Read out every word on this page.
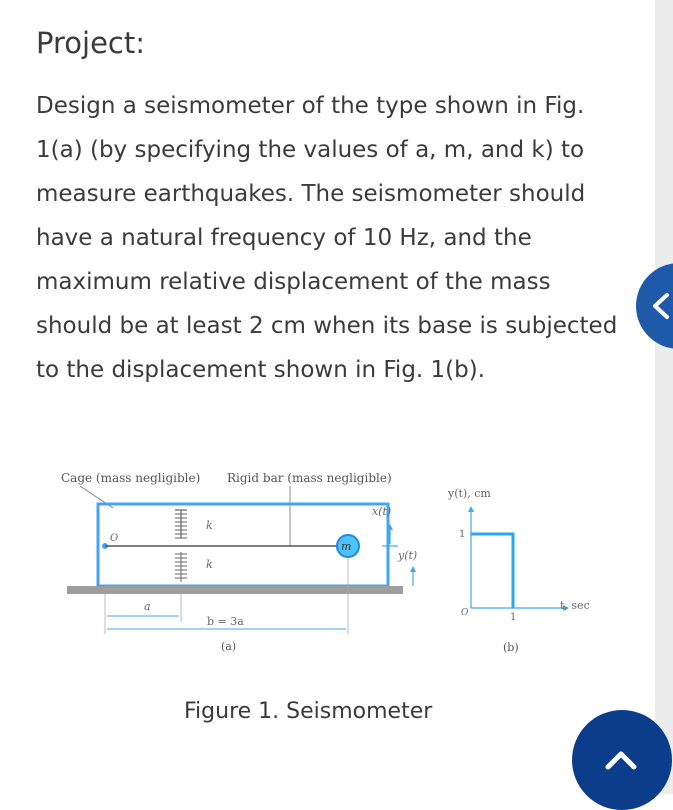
Project:
Design a seismometer of the type shown in Fig. 1(a) (by specifying the values of a, m, and k) to measure earthquakes. The seismometer should have a natural frequency of 10 Hz, and the maximum relative displacement of the mass should be at least 2 cm when its base is subjected to the displacement shown in Fig. 1(b).
Cage (mass negligible) Rigid bar (mass negligible)
k
k
O
m
x(t)
y(t)
a
b = 3a
(a)
y(t), cm
1
1
O
t, sec
(b)
Figure 1. Seismometer
